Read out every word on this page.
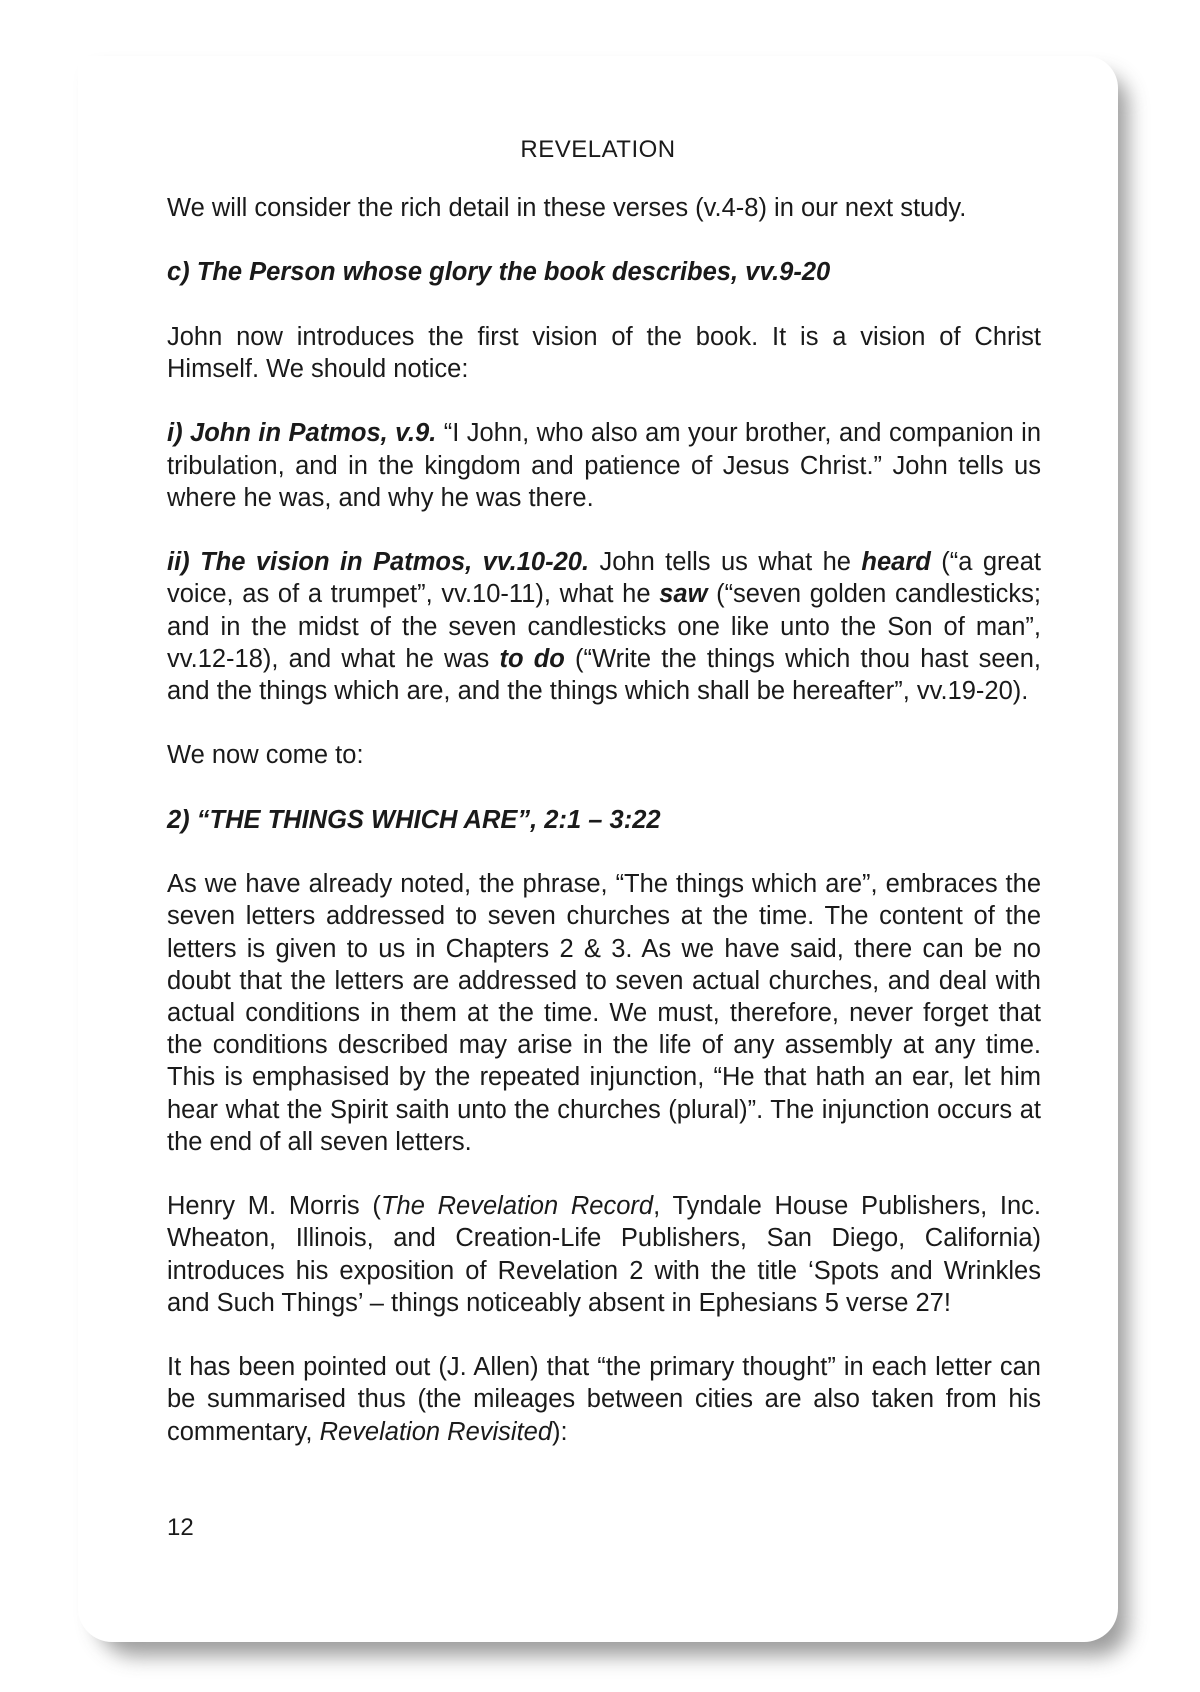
REVELATION

We will consider the rich detail in these verses (v.4-8) in our next study.

c) The Person whose glory the book describes, vv.9-20

John now introduces the first vision of the book. It is a vision of Christ Himself. We should notice:

i) John in Patmos, v.9. “I John, who also am your brother, and companion in tribulation, and in the kingdom and patience of Jesus Christ.” John tells us where he was, and why he was there.

ii) The vision in Patmos, vv.10-20. John tells us what he heard (“a great voice, as of a trumpet”, vv.10-11), what he saw (“seven golden candlesticks; and in the midst of the seven candlesticks one like unto the Son of man”, vv.12-18), and what he was to do (“Write the things which thou hast seen, and the things which are, and the things which shall be hereafter”, vv.19-20).

We now come to:

2) “THE THINGS WHICH ARE”, 2:1 – 3:22

As we have already noted, the phrase, “The things which are”, embraces the seven letters addressed to seven churches at the time. The content of the letters is given to us in Chapters 2 & 3. As we have said, there can be no doubt that the letters are addressed to seven actual churches, and deal with actual conditions in them at the time. We must, therefore, never forget that the conditions described may arise in the life of any assembly at any time. This is emphasised by the repeated injunction, “He that hath an ear, let him hear what the Spirit saith unto the churches (plural)”. The injunction occurs at the end of all seven letters.

Henry M. Morris (The Revelation Record, Tyndale House Publishers, Inc. Wheaton, Illinois, and Creation-Life Publishers, San Diego, California) introduces his exposition of Revelation 2 with the title ‘Spots and Wrinkles and Such Things’ – things noticeably absent in Ephesians 5 verse 27!

It has been pointed out (J. Allen) that “the primary thought” in each letter can be summarised thus (the mileages between cities are also taken from his commentary, Revelation Revisited):

12
